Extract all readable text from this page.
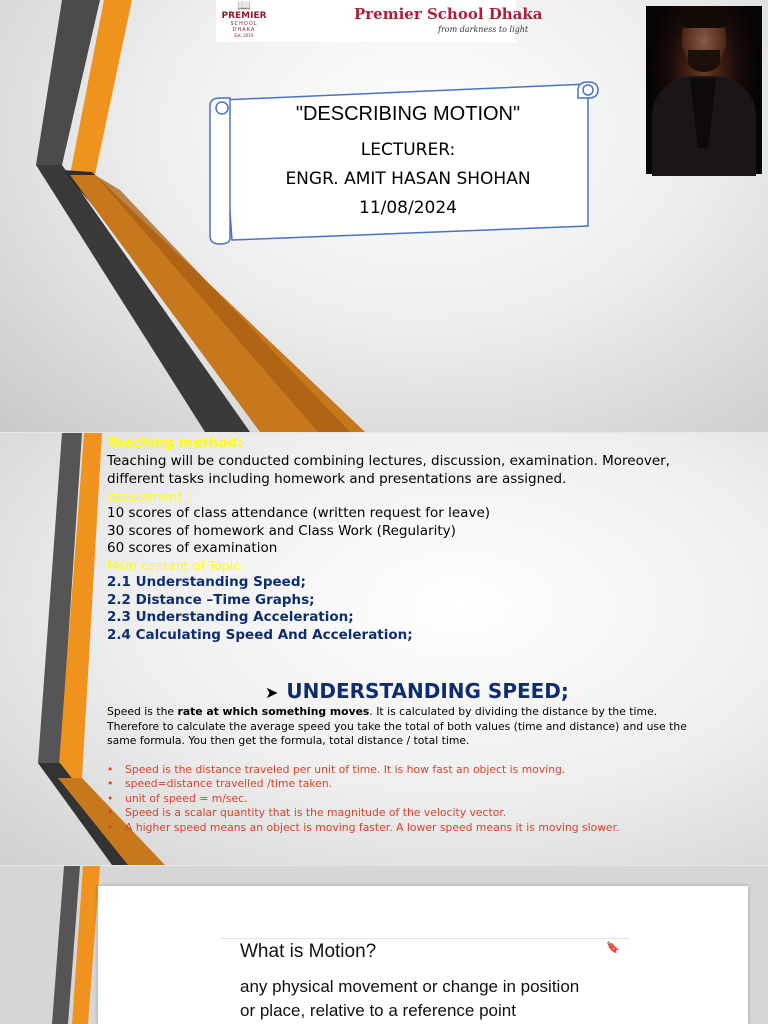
📖
PREMIER
SCHOOL
DHAKA
Est. 2019
Premier School Dhaka
from darkness to light
"DESCRIBING MOTION"
LECTURER:
ENGR. AMIT HASAN SHOHAN
11/08/2024
Teaching method:
Teaching will be conducted combining lectures, discussion, examination. Moreover,
different tasks including homework and presentations are assigned.
Assessment :
10 scores of class attendance (written request for leave)
30 scores of homework and Class Work (Regularity)
60 scores of examination
Main content of Topic:
2.1 Understanding Speed;
2.2 Distance –Time Graphs;
2.3 Understanding Acceleration;
2.4 Calculating Speed And Acceleration;
➤ UNDERSTANDING SPEED;
Speed is the rate at which something moves. It is calculated by dividing the distance by the time.
Therefore to calculate the average speed you take the total of both values (time and distance) and use the
same formula. You then get the formula, total distance / total time.
• Speed is the distance traveled per unit of time. It is how fast an object is moving.
• speed=distance travelled /time taken.
• unit of speed = m/sec.
• Speed is a scalar quantity that is the magnitude of the velocity vector.
• A higher speed means an object is moving faster. A lower speed means it is moving slower.
What is Motion?	🔖
any physical movement or change in position
or place, relative to a reference point
